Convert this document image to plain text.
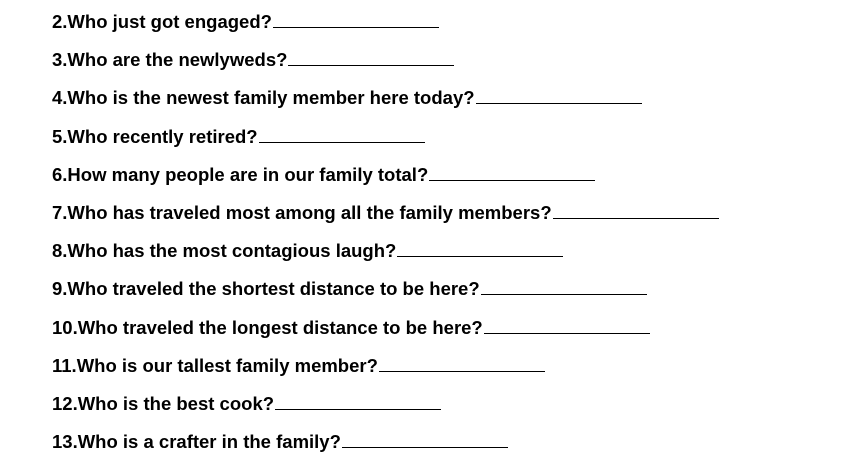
2.Who just got engaged?
3.Who are the newlyweds?
4.Who is the newest family member here today?
5.Who recently retired?
6.How many people are in our family total?
7.Who has traveled most among all the family members?
8.Who has the most contagious laugh?
9.Who traveled the shortest distance to be here?
10.Who traveled the longest distance to be here?
11.Who is our tallest family member?
12.Who is the best cook?
13.Who is a crafter in the family?
